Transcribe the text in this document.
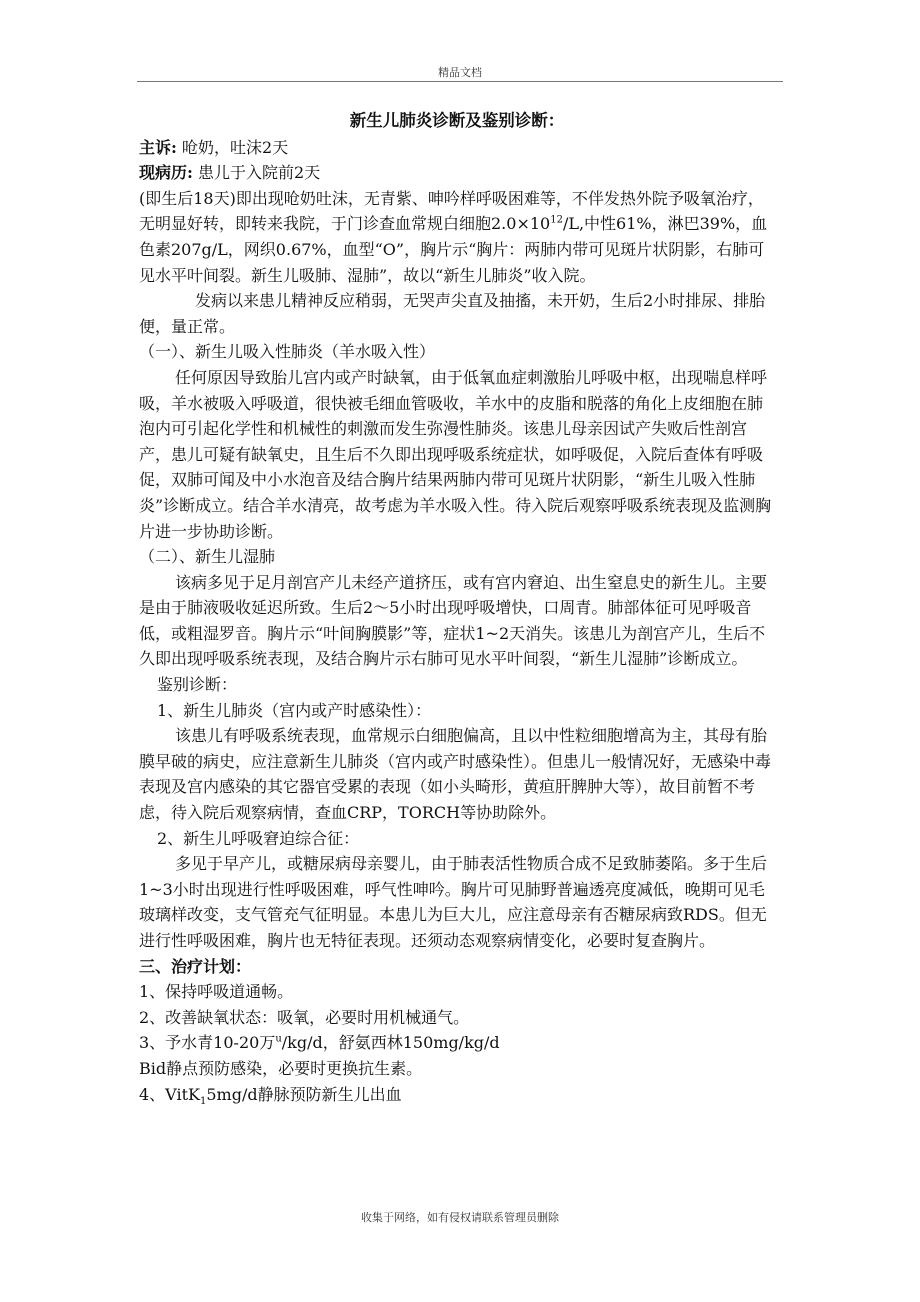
精品文档

新生儿肺炎诊断及鉴别诊断：

主诉: 呛奶，吐沫2天

现病历: 患儿于入院前2天

(即生后18天)即出现呛奶吐沫，无青紫、呻吟样呼吸困难等，不伴发热外院予吸氧治疗，无明显好转，即转来我院，于门诊查血常规白细胞$2.0\times 10^{12}/L$,中性61%，淋巴39%，血色素207g/L，网织0.67%，血型“O”，胸片示“胸片：两肺内带可见斑片状阴影，右肺可见水平叶间裂。新生儿吸肺、湿肺”，故以“新生儿肺炎”收入院。

发病以来患儿精神反应稍弱，无哭声尖直及抽搐，未开奶，生后2小时排尿、排胎便，量正常。

（一）、新生儿吸入性肺炎（羊水吸入性）

任何原因导致胎儿宫内或产时缺氧，由于低氧血症刺激胎儿呼吸中枢，出现喘息样呼吸，羊水被吸入呼吸道，很快被毛细血管吸收，羊水中的皮脂和脱落的角化上皮细胞在肺泡内可引起化学性和机械性的刺激而发生弥漫性肺炎。该患儿母亲因试产失败后性剖宫产，患儿可疑有缺氧史，且生后不久即出现呼吸系统症状，如呼吸促，入院后查体有呼吸促，双肺可闻及中小水泡音及结合胸片结果两肺内带可见斑片状阴影，“新生儿吸入性肺炎”诊断成立。结合羊水清亮，故考虑为羊水吸入性。待入院后观察呼吸系统表现及监测胸片进一步协助诊断。

（二）、新生儿湿肺

该病多见于足月剖宫产儿未经产道挤压，或有宫内窘迫、出生窒息史的新生儿。主要是由于肺液吸收延迟所致。生后2～5小时出现呼吸增快，口周青。肺部体征可见呼吸音低，或粗湿罗音。胸片示“叶间胸膜影”等，症状1~2天消失。该患儿为剖宫产儿，生后不久即出现呼吸系统表现，及结合胸片示右肺可见水平叶间裂，“新生儿湿肺”诊断成立。

鉴别诊断：

1、新生儿肺炎（宫内或产时感染性）：

该患儿有呼吸系统表现，血常规示白细胞偏高，且以中性粒细胞增高为主，其母有胎膜早破的病史，应注意新生儿肺炎（宫内或产时感染性）。但患儿一般情况好，无感染中毒表现及宫内感染的其它器官受累的表现（如小头畸形，黄疸肝脾肿大等），故目前暂不考虑，待入院后观察病情，查血CRP，TORCH等协助除外。

2、新生儿呼吸窘迫综合征：

多见于早产儿，或糖尿病母亲婴儿，由于肺表活性物质合成不足致肺萎陷。多于生后1~3小时出现进行性呼吸困难，呼气性呻吟。胸片可见肺野普遍透亮度减低，晚期可见毛玻璃样改变，支气管充气征明显。本患儿为巨大儿，应注意母亲有否糖尿病致RDS。但无进行性呼吸困难，胸片也无特征表现。还须动态观察病情变化，必要时复查胸片。

三、治疗计划：

1、保持呼吸道通畅。

2、改善缺氧状态：吸氧，必要时用机械通气。

3、予水青10-20万$^u$/kg/d，舒氨西林150mg/kg/d

Bid静点预防感染，必要时更换抗生素。

4、VitK$_1$5mg/d静脉预防新生儿出血

收集于网络，如有侵权请联系管理员删除
